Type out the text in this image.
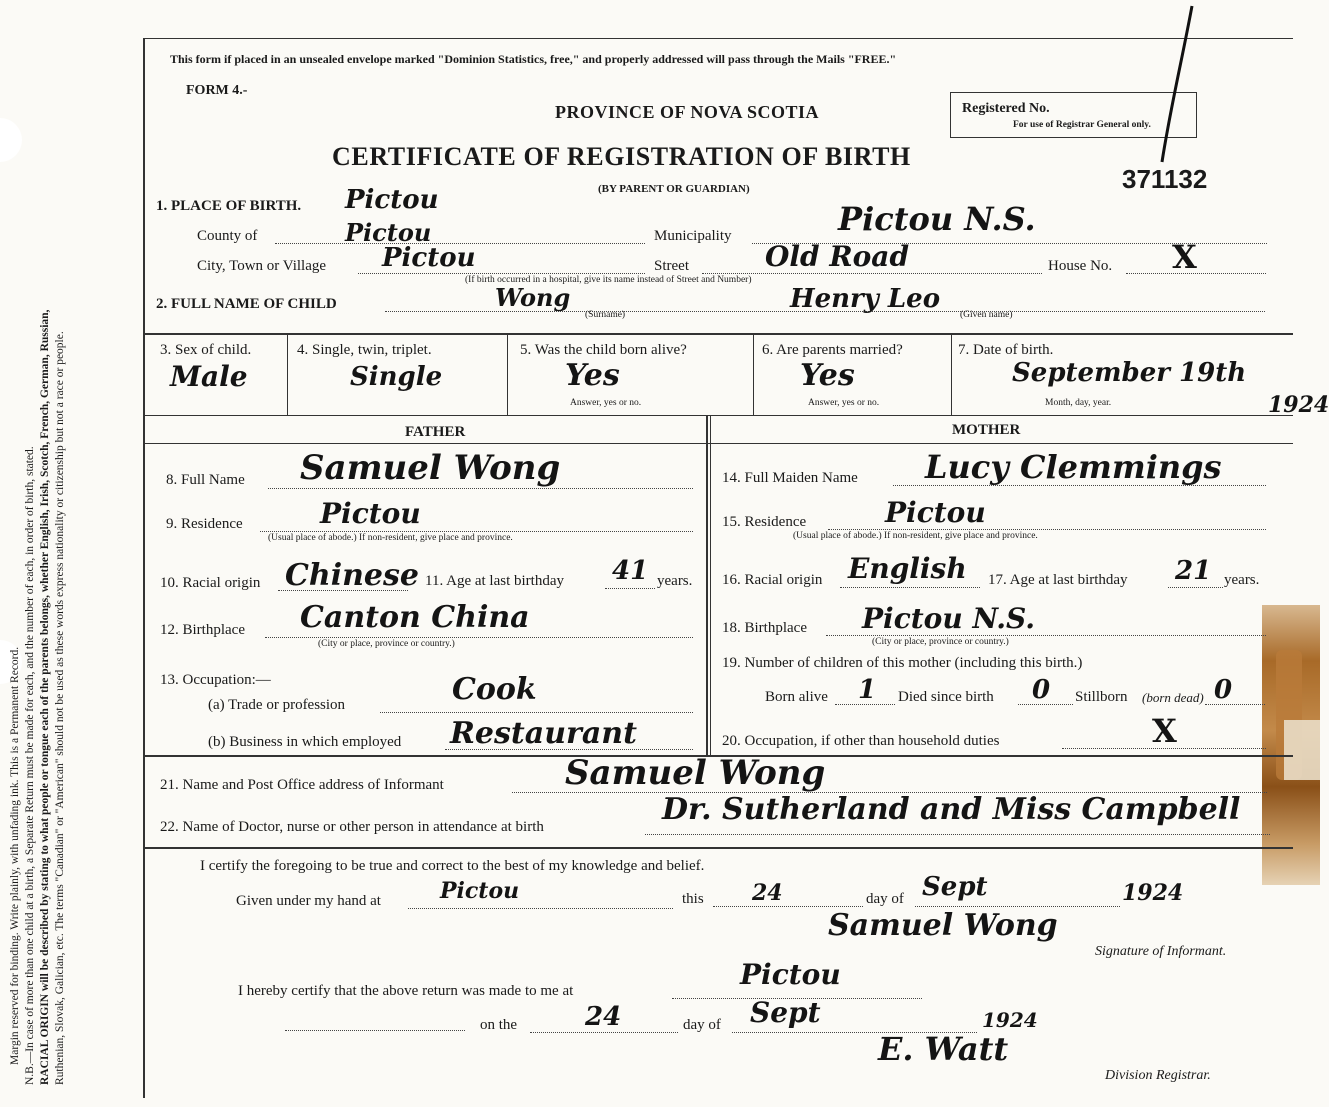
Margin reserved for binding. Write plainly, with unfading ink. This is a Permanent Record. N.B.—In case of more than one child at a birth, a Separate Return must be made for each, and the number of each, in order of birth, stated. RACIAL ORIGIN will be described by stating to what people or tongue each of the parents belongs, whether English, Irish, Scotch, French, German, Russian, Ruthenian, Slovak, Galician, etc. The terms "Canadian" or "American" should not be used as these words express nationality or citizenship but not a race or people.
This form if placed in an unsealed envelope marked "Dominion Statistics, free," and properly addressed will pass through the Mails "FREE."
FORM 4.-
PROVINCE OF NOVA SCOTIA
CERTIFICATE OF REGISTRATION OF BIRTH
(BY PARENT OR GUARDIAN)
Registered No.
For use of Registrar General only.
371132
1. PLACE OF BIRTH. Pictou
County of	Pictou	Municipality	Pictou N.S.
City, Town or Village Pictou	Street	Old Road	House No. X
(If birth occurred in a hospital, give its name instead of Street and Number)
2. FULL NAME OF CHILD	Wong
(Surname)
Henry Leo
(Given name)
3. Sex of child.
Male
4. Single, twin, triplet.
Single
5. Was the child born alive?
Yes
Answer, yes or no.
6. Are parents married?
Yes
Answer, yes or no.
7. Date of birth.
September 19th
1924
Month, day, year.
FATHER	MOTHER
8. Full Name Samuel Wong
9. Residence	Pictou
(Usual place of abode.) If non-resident, give place and province.
10. Racial origin Chinese 11. Age at last birthday 41 years.
12. Birthplace Canton China
(City or place, province or country.)
13. Occupation:—
(a) Trade or profession	Cook
(b) Business in which employed Restaurant
14. Full Maiden Name Lucy Clemmings
15. Residence	Pictou
(Usual place of abode.) If non-resident, give place and province.
16. Racial origin English 17. Age at last birthday 21 years.
18. Birthplace Pictou N.S.
(City or place, province or country.)
19. Number of children of this mother (including this birth.)
Born alive 1 Died since birth 0 Stillborn (born dead) 0
20. Occupation, if other than household duties	X
21. Name and Post Office address of Informant	Samuel Wong
22. Name of Doctor, nurse or other person in attendance at birth	Dr. Sutherland and Miss Campbell
I certify the foregoing to be true and correct to the best of my knowledge and belief.
Given under my hand at	Pictou	this 24	day of Sept	1924
Samuel Wong
Signature of Informant.
I hereby certify that the above return was made to me at	Pictou
on the	24	day of Sept	1924
E. Watt
Division Registrar.
